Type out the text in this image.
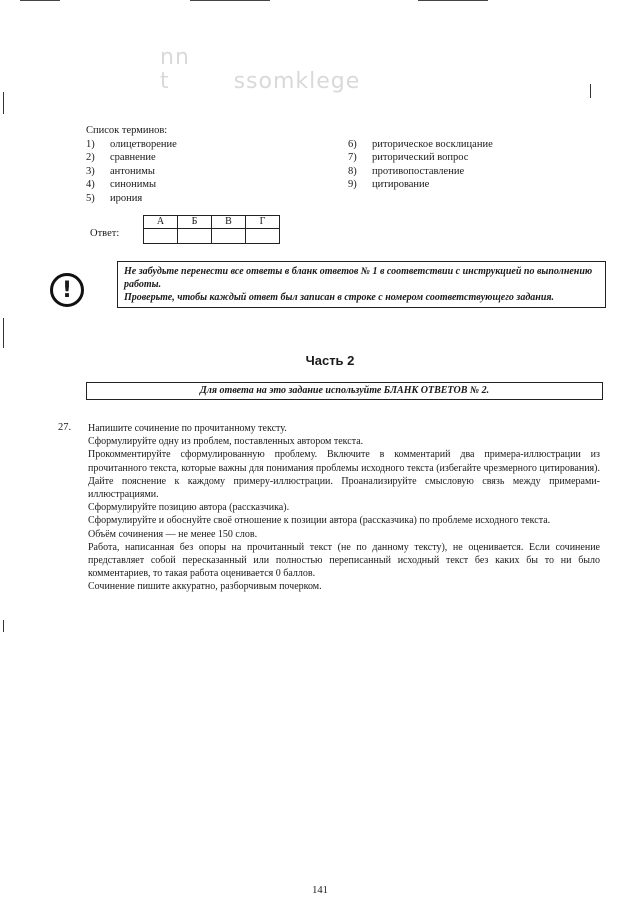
nn
t        ssomklege
Список терминов:
1)	олицетворение
2)	сравнение
3)	антонимы
4)	синонимы
5)	ирония
6)	риторическое восклицание
7)	риторический вопрос
8)	противопоставление
9)	цитирование
Ответ:
А	Б	В	Г

!
Не забудьте перенести все ответы в бланк ответов № 1 в соответствии с инструкцией по выполнению работы.
Проверьте, чтобы каждый ответ был записан в строке с номером соответствующего задания.
Часть 2
Для ответа на это задание используйте БЛАНК ОТВЕТОВ № 2.
27. Напишите сочинение по прочитанному тексту.

Сформулируйте одну из проблем, поставленных автором текста.

Прокомментируйте сформулированную проблему. Включите в комментарий два примера-иллюстрации из прочитанного текста, которые важны для понимания проблемы исходного текста (избегайте чрезмерного цитирования). Дайте пояснение к каждому примеру-иллюстрации. Проанализируйте смысловую связь между примерами-иллюстрациями.

Сформулируйте позицию автора (рассказчика).

Сформулируйте и обоснуйте своё отношение к позиции автора (рассказчика) по проблеме исходного текста.

Объём сочинения — не менее 150 слов.

Работа, написанная без опоры на прочитанный текст (не по данному тексту), не оценивается. Если сочинение представляет собой пересказанный или полностью переписанный исходный текст без каких бы то ни было комментариев, то такая работа оценивается 0 баллов.

Сочинение пишите аккуратно, разборчивым почерком.

141
